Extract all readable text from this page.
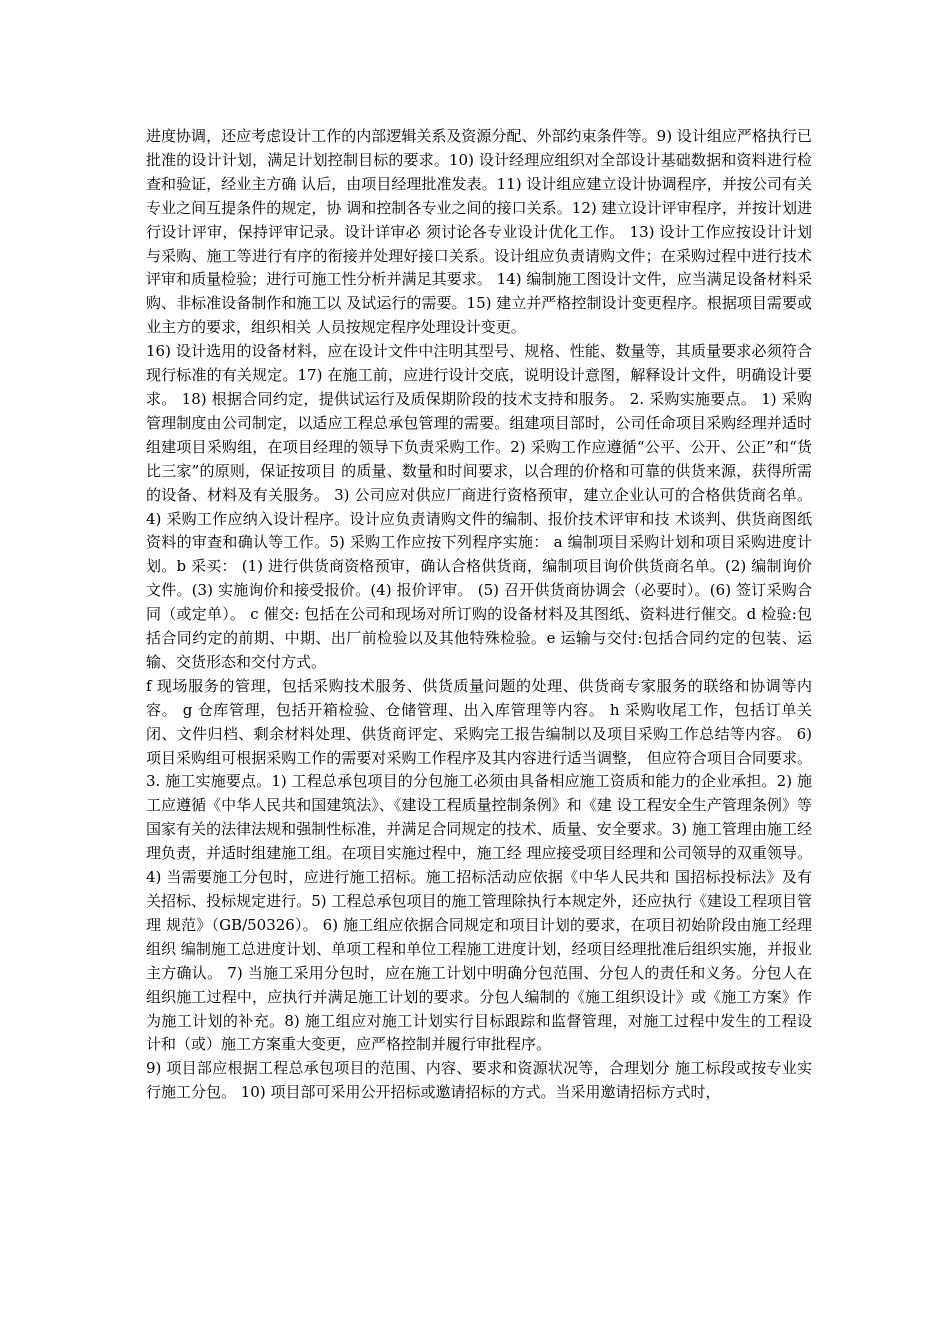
进度协调，还应考虑设计工作的内部逻辑关系及资源分配、外部约束条件等。9) 设计组应严格执行已批准的设计计划，满足计划控制目标的要求。10) 设计经理应组织对全部设计基础数据和资料进行检查和验证，经业主方确 认后，由项目经理批准发表。11) 设计组应建立设计协调程序，并按公司有关专业之间互提条件的规定，协 调和控制各专业之间的接口关系。12) 建立设计评审程序，并按计划进行设计评审，保持评审记录。设计详审必 须讨论各专业设计优化工作。 13) 设计工作应按设计计划与采购、施工等进行有序的衔接并处理好接口关系。设计组应负责请购文件；在采购过程中进行技术评审和质量检验；进行可施工性分析并满足其要求。 14) 编制施工图设计文件，应当满足设备材料采购、非标准设备制作和施工以 及试运行的需要。15) 建立并严格控制设计变更程序。根据项目需要或业主方的要求，组织相关 人员按规定程序处理设计变更。

16) 设计选用的设备材料，应在设计文件中注明其型号、规格、性能、数量等，其质量要求必须符合现行标准的有关规定。17) 在施工前，应进行设计交底，说明设计意图，解释设计文件，明确设计要 求。 18) 根据合同约定，提供试运行及质保期阶段的技术支持和服务。 2. 采购实施要点。 1) 采购管理制度由公司制定，以适应工程总承包管理的需要。组建项目部时，公司任命项目采购经理并适时组建项目采购组，在项目经理的领导下负责采购工作。2) 采购工作应遵循“公平、公开、公正”和“货比三家”的原则，保证按项目 的质量、数量和时间要求，以合理的价格和可靠的供货来源，获得所需的设备、材料及有关服务。 3) 公司应对供应厂商进行资格预审，建立企业认可的合格供货商名单。4) 采购工作应纳入设计程序。设计应负责请购文件的编制、报价技术评审和技 术谈判、供货商图纸资料的审查和确认等工作。5) 采购工作应按下列程序实施： a 编制项目采购计划和项目采购进度计划。b 采买： (1) 进行供货商资格预审，确认合格供货商，编制项目询价供货商名单。(2) 编制询价文件。(3) 实施询价和接受报价。(4) 报价评审。 (5) 召开供货商协调会（必要时）。(6) 签订采购合同（或定单）。 c 催交: 包括在公司和现场对所订购的设备材料及其图纸、资料进行催交。d 检验:包括合同约定的前期、中期、出厂前检验以及其他特殊检验。e 运输与交付:包括合同约定的包装、运输、交货形态和交付方式。

f 现场服务的管理，包括采购技术服务、供货质量问题的处理、供货商专家服务的联络和协调等内容。 g 仓库管理，包括开箱检验、仓储管理、出入库管理等内容。 h 采购收尾工作，包括订单关闭、文件归档、剩余材料处理、供货商评定、采购完工报告编制以及项目采购工作总结等内容。 6) 项目采购组可根据采购工作的需要对采购工作程序及其内容进行适当调整， 但应符合项目合同要求。 3. 施工实施要点。1) 工程总承包项目的分包施工必须由具备相应施工资质和能力的企业承担。2) 施工应遵循《中华人民共和国建筑法》、《建设工程质量控制条例》和《建 设工程安全生产管理条例》等国家有关的法律法规和强制性标准，并满足合同规定的技术、质量、安全要求。3) 施工管理由施工经理负责，并适时组建施工组。在项目实施过程中，施工经 理应接受项目经理和公司领导的双重领导。 4) 当需要施工分包时，应进行施工招标。施工招标活动应依据《中华人民共和 国招标投标法》及有关招标、投标规定进行。5) 工程总承包项目的施工管理除执行本规定外，还应执行《建设工程项目管理 规范》（GB/50326）。 6) 施工组应依据合同规定和项目计划的要求，在项目初始阶段由施工经理组织 编制施工总进度计划、单项工程和单位工程施工进度计划，经项目经理批准后组织实施，并报业主方确认。 7) 当施工采用分包时，应在施工计划中明确分包范围、分包人的责任和义务。分包人在组织施工过程中，应执行并满足施工计划的要求。分包人编制的《施工组织设计》或《施工方案》作为施工计划的补充。8) 施工组应对施工计划实行目标跟踪和监督管理，对施工过程中发生的工程设 计和（或）施工方案重大变更，应严格控制并履行审批程序。

9) 项目部应根据工程总承包项目的范围、内容、要求和资源状况等，合理划分 施工标段或按专业实行施工分包。 10) 项目部可采用公开招标或邀请招标的方式。当采用邀请招标方式时，
